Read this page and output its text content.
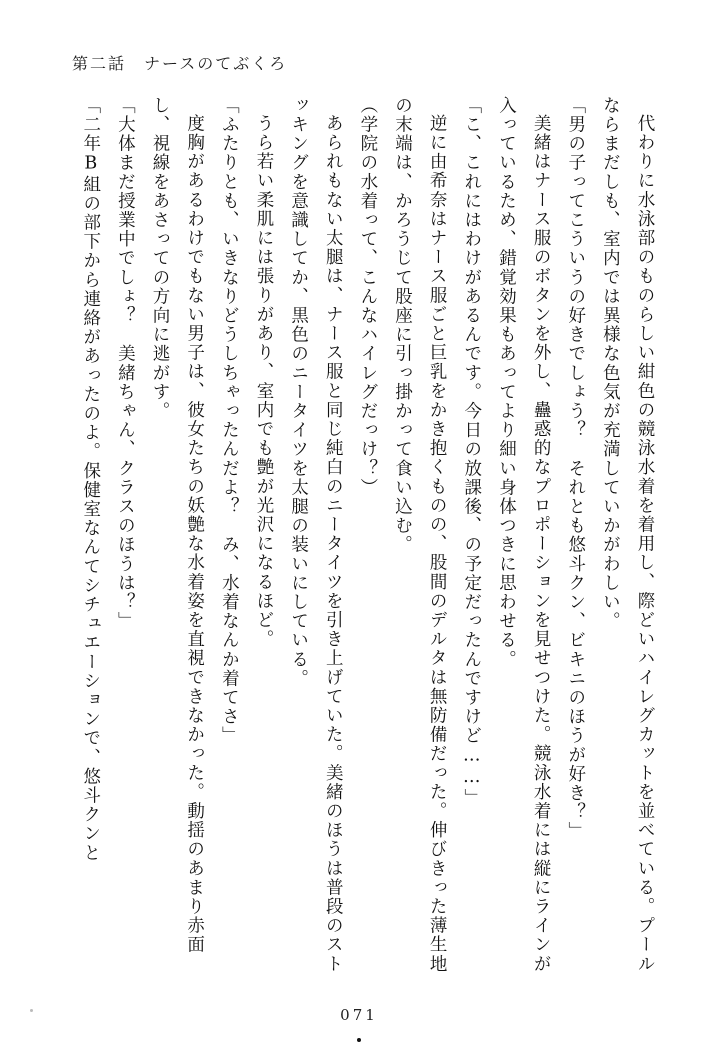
第二話 ナースのてぶくろ

代わりに水泳部のものらしい紺色の競泳水着を着用し、際どいハイレグカットを並べている。プールならまだしも、室内では異様な色気が充満していかがわしい。

「男の子ってこういうの好きでしょう？　それとも悠斗クン、ビキニのほうが好き？」

美緒はナース服のボタンを外し、蠱惑的なプロポーションを見せつけた。競泳水着には縦にラインが入っているため、錯覚効果もあってより細い身体つきに思わせる。

「こ、これにはわけがあるんです。今日の放課後、の予定だったんですけど……」

逆に由希奈はナース服ごと巨乳をかき抱くものの、股間のデルタは無防備だった。伸びきった薄生地の末端は、かろうじて股座に引っ掛かって食い込む。

（学院の水着って、こんなハイレグだっけ？）

あられもない太腿は、ナース服と同じ純白のニータイツを引き上げていた。美緒のほうは普段のストッキングを意識してか、黒色のニータイツを太腿の装いにしている。

うら若い柔肌には張りがあり、室内でも艶が光沢になるほど。

「ふたりとも、いきなりどうしちゃったんだよ？　み、水着なんか着てさ」

度胸があるわけでもない男子は、彼女たちの妖艶な水着姿を直視できなかった。動揺のあまり赤面し、視線をあさっての方向に逃がす。

「大体まだ授業中でしょ？　美緒ちゃん、クラスのほうは？」

「二年B組の部下から連絡があったのよ。保健室なんてシチュエーションで、悠斗クンと

071
